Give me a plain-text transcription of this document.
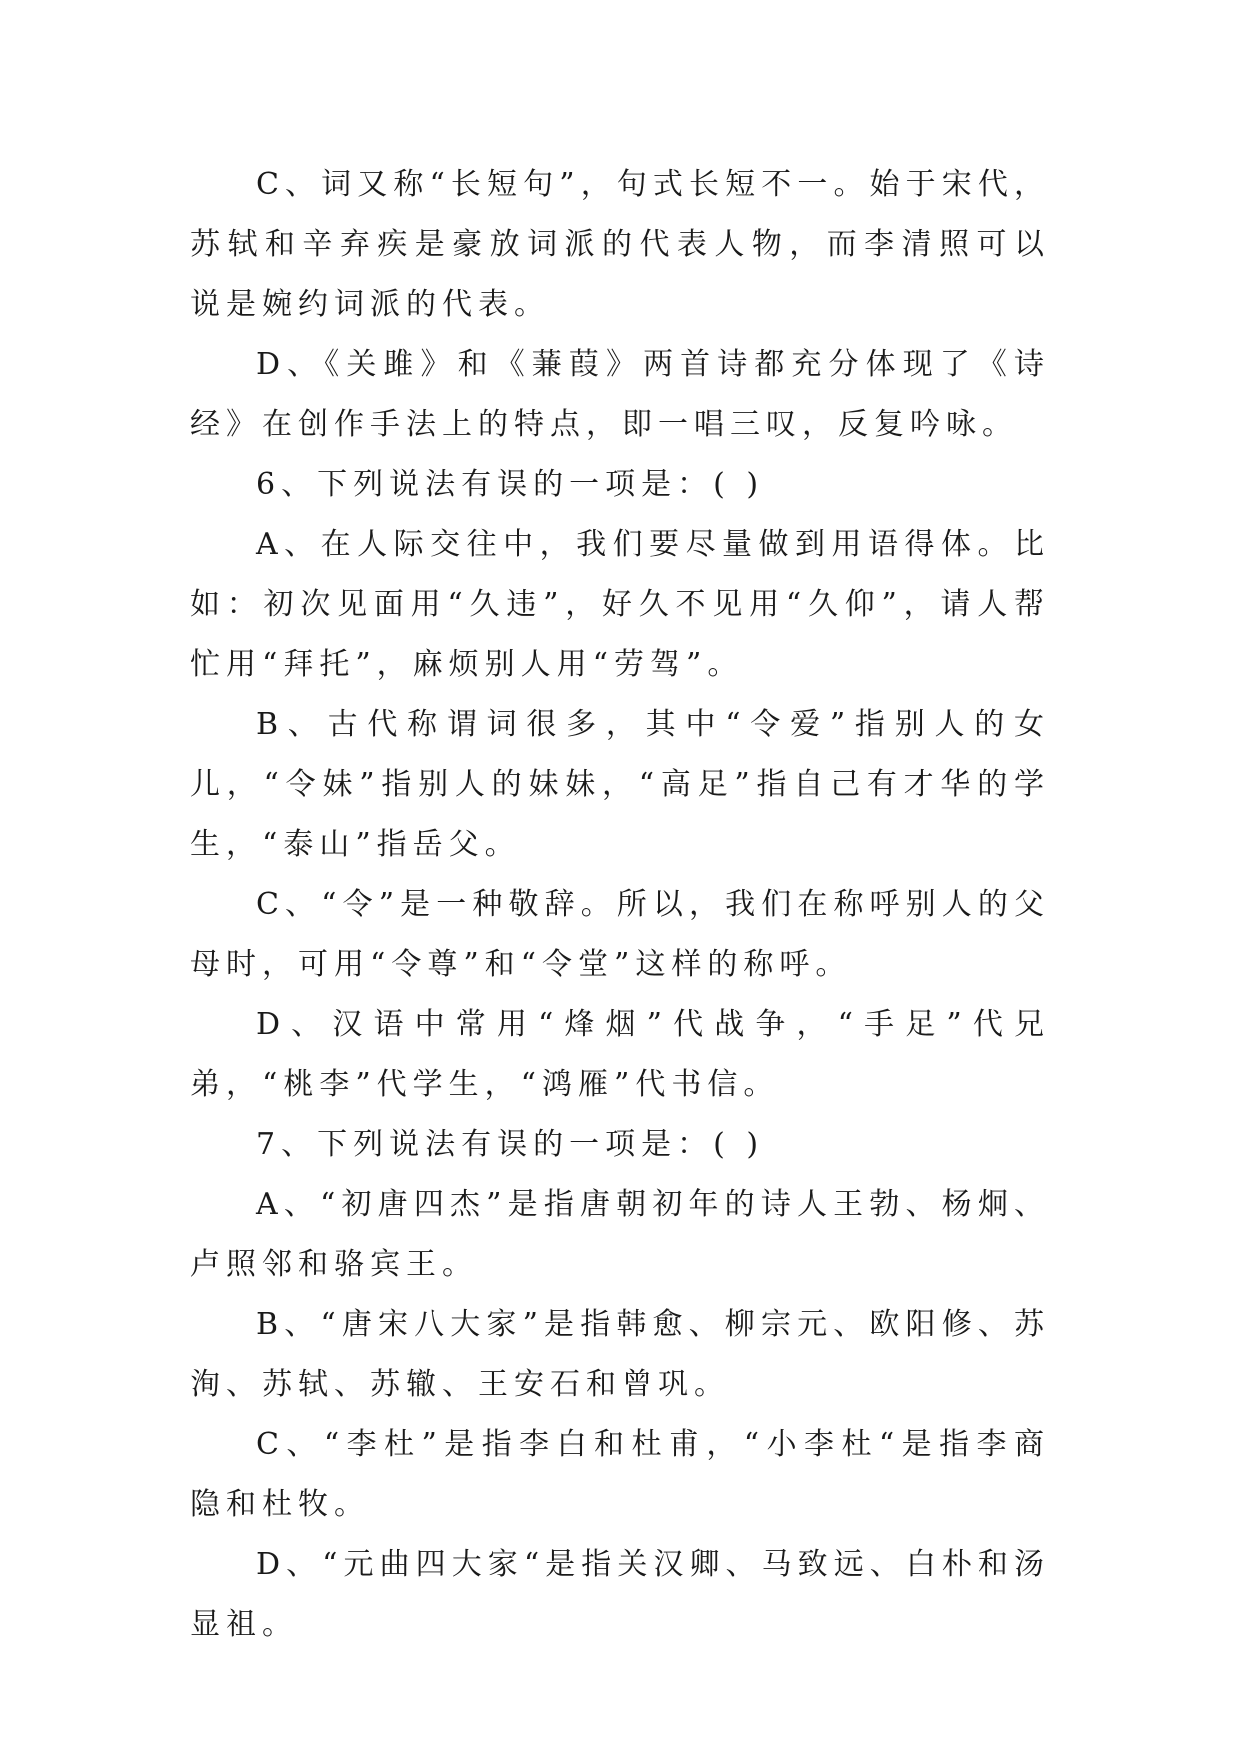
C、词又称“长短句”，句式长短不一。始于宋代，苏轼和辛弃疾是豪放词派的代表人物，而李清照可以说是婉约词派的代表。

D、《关雎》和《蒹葭》两首诗都充分体现了《诗经》在创作手法上的特点，即一唱三叹，反复吟咏。

6、下列说法有误的一项是：( )

A、在人际交往中，我们要尽量做到用语得体。比如：初次见面用“久违”，好久不见用“久仰”，请人帮忙用“拜托”，麻烦别人用“劳驾”。

B、古代称谓词很多，其中“令爱”指别人的女儿，“令妹”指别人的妹妹，“高足”指自己有才华的学生，“泰山”指岳父。

C、“令”是一种敬辞。所以，我们在称呼别人的父母时，可用“令尊”和“令堂”这样的称呼。

D、汉语中常用“烽烟”代战争，“手足”代兄弟，“桃李”代学生，“鸿雁”代书信。

7、下列说法有误的一项是：( )

A、“初唐四杰”是指唐朝初年的诗人王勃、杨炯、卢照邻和骆宾王。

B、“唐宋八大家”是指韩愈、柳宗元、欧阳修、苏洵、苏轼、苏辙、王安石和曾巩。

C、“李杜”是指李白和杜甫，“小李杜“是指李商隐和杜牧。

D、“元曲四大家“是指关汉卿、马致远、白朴和汤显祖。
